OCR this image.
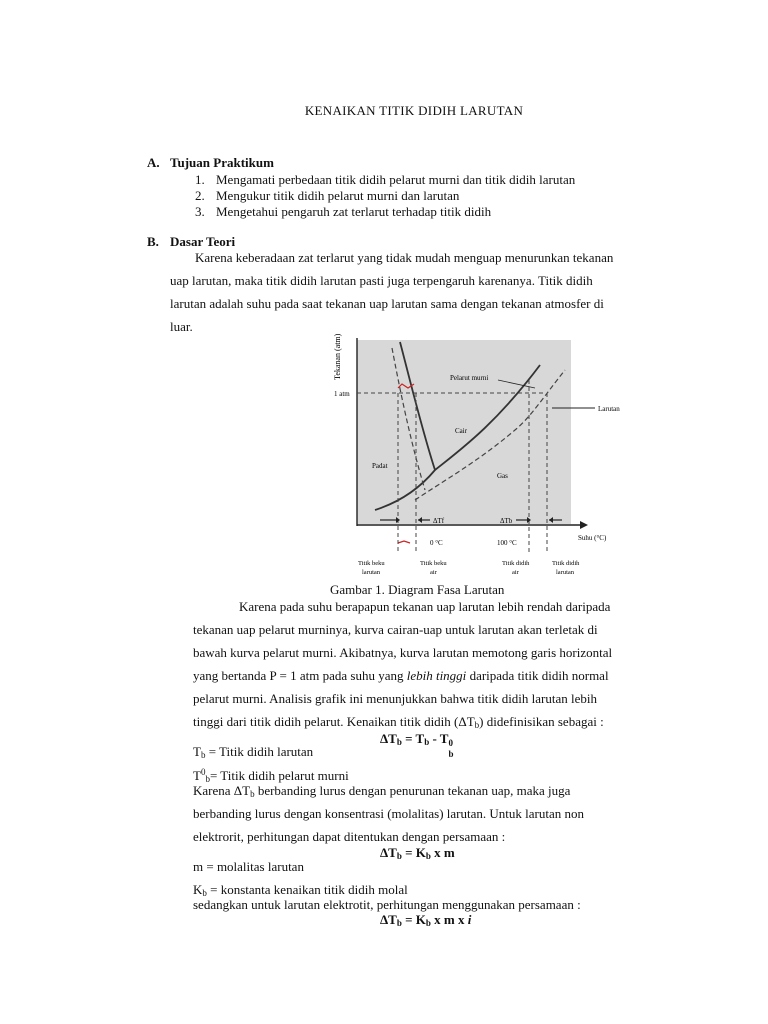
KENAIKAN TITIK DIDIH LARUTAN
A. Tujuan Praktikum
1. Mengamati perbedaan titik didih pelarut murni dan titik didih larutan
2. Mengukur titik didih pelarut murni dan larutan
3. Mengetahui pengaruh zat terlarut terhadap titik didih
B. Dasar Teori
Karena keberadaan zat terlarut yang tidak mudah menguap menurunkan tekanan
uap larutan, maka titik didih larutan pasti juga terpengaruh karenanya. Titik didih
larutan adalah suhu pada saat tekanan uap larutan sama dengan tekanan atmosfer di
luar.
Tekanan (atm)
1 atm
Pelarut murni
Larutan
Cair
Padat
Gas
ΔTf	ΔTb
Suhu (°C)
0 °C	100 °C
Titik beku
larutan
Titik beku
air
Titik didih
air
Titik didih
larutan
Gambar 1. Diagram Fasa Larutan
Karena pada suhu berapapun tekanan uap larutan lebih rendah daripada
tekanan uap pelarut murninya, kurva cairan-uap untuk larutan akan terletak di
bawah kurva pelarut murni. Akibatnya, kurva larutan memotong garis horizontal
yang bertanda P = 1 atm pada suhu yang lebih tinggi daripada titik didih normal
pelarut murni. Analisis grafik ini menunjukkan bahwa titik didih larutan lebih
tinggi dari titik didih pelarut. Kenaikan titik didih $(\Delta T_b)$ didefinisikan sebagai :
$\Delta T_b = T_b - T$ 0
b
$T_b$ = Titik didih larutan
$T^0_b=$ Titik didih pelarut murni
Karena $\Delta T_b$ berbanding lurus dengan penurunan tekanan uap, maka juga
berbanding lurus dengan konsentrasi (molalitas) larutan. Untuk larutan non
elektrorit, perhitungan dapat ditentukan dengan persamaan :
$\Delta T_b = K_b$ x m
m = molalitas larutan
$K_b$ = konstanta kenaikan titik didih molal
sedangkan untuk larutan elektrotit, perhitungan menggunakan persamaan :
$\Delta T_b = K_b$ x m x i
